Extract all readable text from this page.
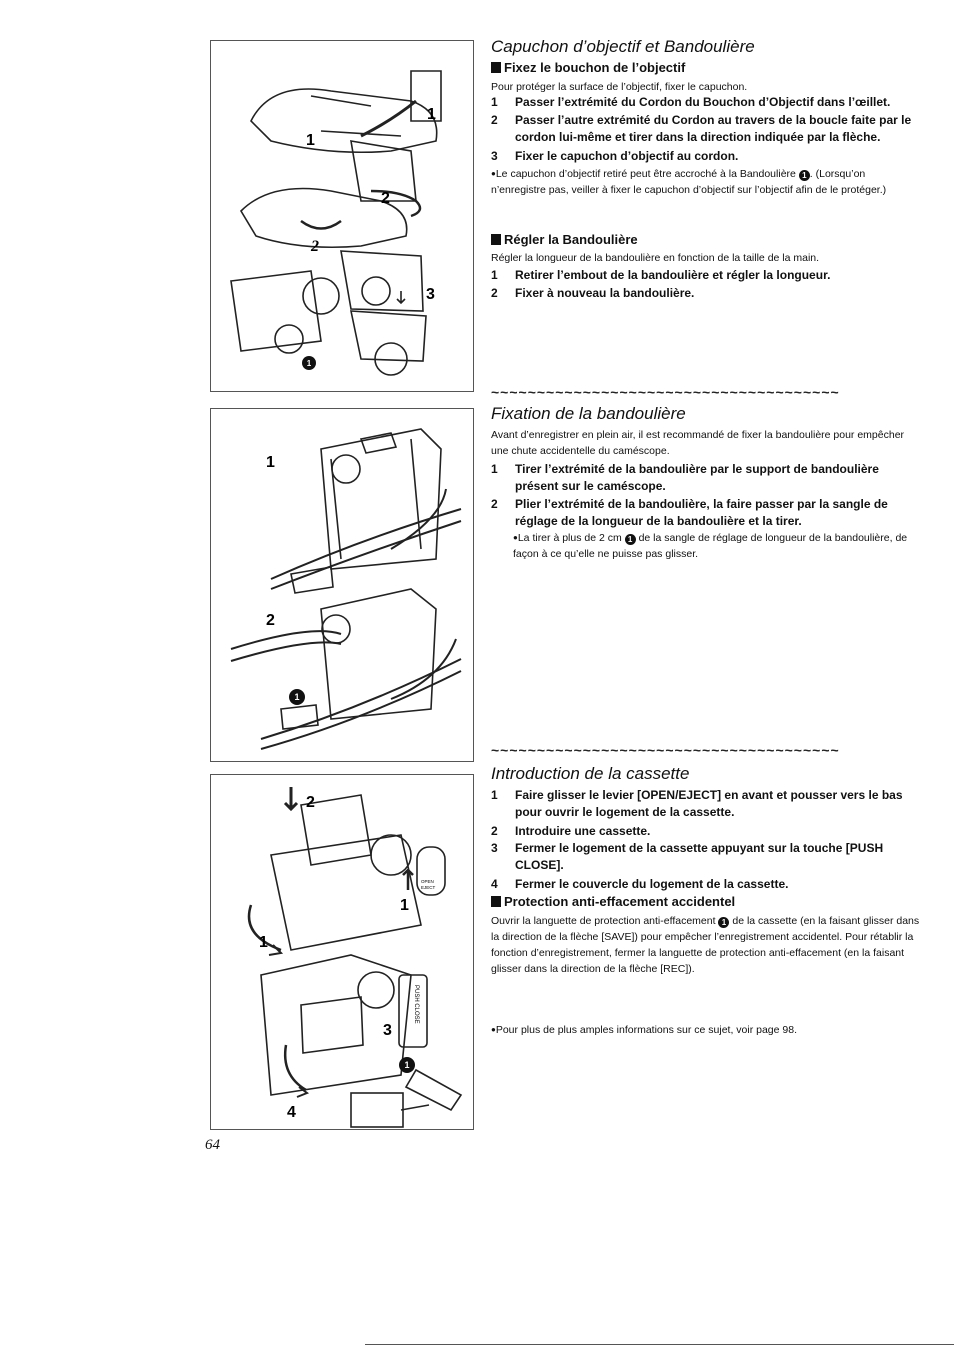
1
1
1
2
2
3
Capuchon d’objectif et Bandoulière
Fixez le bouchon de l’objectif

Pour protéger la surface de l’objectif, fixer le capuchon.

1	Passer l’extrémité du Cordon du Bouchon d’Objectif dans l’œillet.
2	Passer l’autre extrémité du Cordon au travers de la boucle faite par le cordon lui-même et tirer dans la direction indiquée par la flèche.
3	Fixer le capuchon d’objectif au cordon.

●Le capuchon d’objectif retiré peut être accroché à la Bandoulière 1 . (Lorsqu’on n’enregistre pas, veiller à fixer le capuchon d’objectif sur l’objectif afin de le protéger.)

Régler la Bandoulière

Régler la longueur de la bandoulière en fonction de la taille de la main.

1	Retirer l’embout de la bandoulière et régler la longueur.
2	Fixer à nouveau la bandoulière.

~~~~~~~~~~~~~~~~~~~~~~~~~~~~~~~~~~~~~~

1
2
1
Fixation de la bandoulière

Avant d’enregistrer en plein air, il est recommandé de fixer la bandoulière pour empêcher une chute accidentelle du caméscope.

1	Tirer l’extrémité de la bandoulière par le support de bandoulière présent sur le caméscope.
2	Plier l’extrémité de la bandoulière, la faire passer par la sangle de réglage de la longueur de la bandoulière et la tirer.

●La tirer à plus de 2 cm 1 de la sangle de réglage de longueur de la bandoulière, de façon à ce qu’elle ne puisse pas glisser.

~~~~~~~~~~~~~~~~~~~~~~~~~~~~~~~~~~~~~~

2
1
1
OPEN
EJECT
PUSH CLOSE
3
4
1
Introduction de la cassette
1	Faire glisser le levier [OPEN/EJECT] en avant et pousser vers le bas pour ouvrir le logement de la cassette.
2	Introduire une cassette.
3	Fermer le logement de la cassette appuyant sur la touche [PUSH CLOSE].
4	Fermer le couvercle du logement de la cassette.
Protection anti-effacement accidentel

Ouvrir la languette de protection anti-effacement 1 de la cassette (en la faisant glisser dans la direction de la flèche [SAVE]) pour empêcher l’enregistrement accidentel. Pour rétablir la fonction d’enregistrement, fermer la languette de protection anti-effacement (en la faisant glisser dans la direction de la flèche [REC]).

●Pour plus de plus amples informations sur ce sujet, voir page 98.

64
